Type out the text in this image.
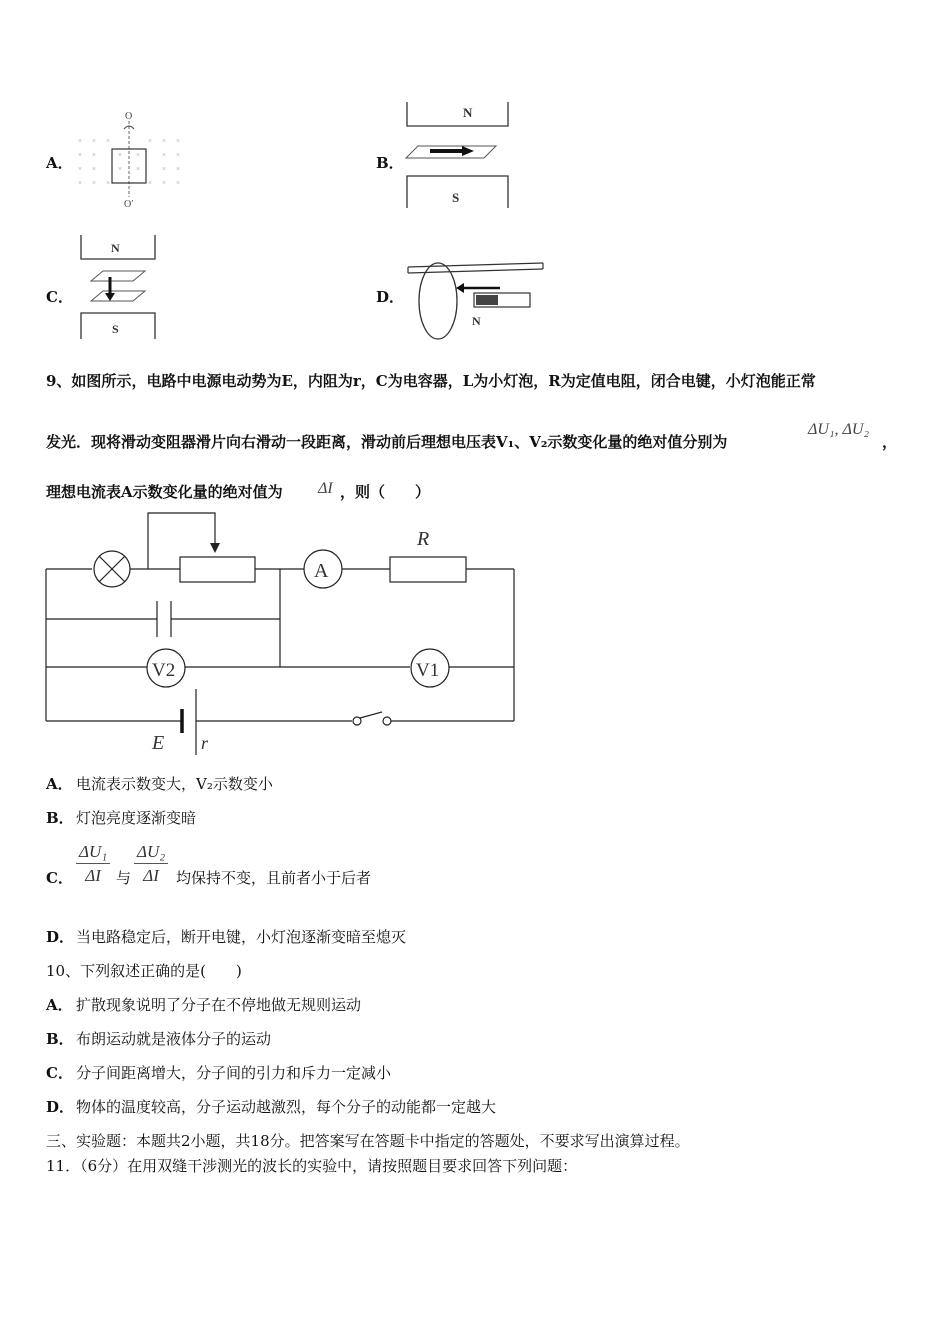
A．
O
× × ×	× × ×
× ×	× ×	× ×
× ×	× ×	× ×
× × ×	× × ×
O′
B．
N
S
C．
N
S
D．
N
9、如图所示，电路中电源电动势为E，内阻为r，C为电容器，L为小灯泡，R为定值电阻，闭合电键，小灯泡能正常
发光．现将滑动变阻器滑片向右滑动一段距离，滑动前后理想电压表V₁、V₂示数变化量的绝对值分别为
ΔU₁, ΔU₂
，
理想电流表A示数变化量的绝对值为 ΔI ，则（　　）
R
A
V2	V1
E r
A． 电流表示数变大，V₂示数变小
B． 灯泡亮度逐渐变暗
C． $\frac{\text{ΔU₁}}{\Delta I}$ 与 $\frac{\text{ΔU₂}}{\Delta I}$ 均保持不变，且前者小于后者
D． 当电路稳定后，断开电键，小灯泡逐渐变暗至熄灭
10、下列叙述正确的是(　　)
A． 扩散现象说明了分子在不停地做无规则运动
B． 布朗运动就是液体分子的运动
C． 分子间距离增大，分子间的引力和斥力一定减小
D． 物体的温度较高，分子运动越激烈，每个分子的动能都一定越大
三、实验题：本题共2小题，共18分。把答案写在答题卡中指定的答题处，不要求写出演算过程。
11．（6分）在用双缝干涉测光的波长的实验中，请按照题目要求回答下列问题：
